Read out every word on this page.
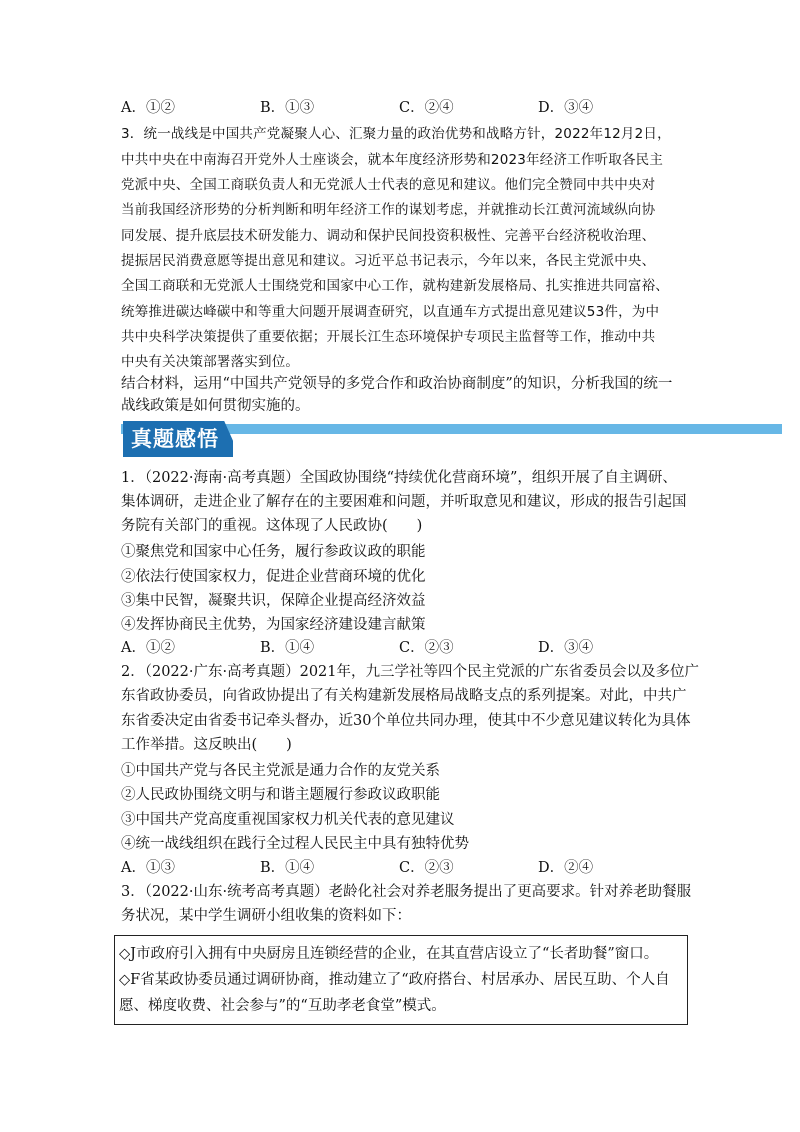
A．①②	B．①③	C．②④	D．③④
3．统一战线是中国共产党凝聚人心、汇聚力量的政治优势和战略方针，2022年12月2日，
中共中央在中南海召开党外人士座谈会，就本年度经济形势和2023年经济工作听取各民主
党派中央、全国工商联负责人和无党派人士代表的意见和建议。他们完全赞同中共中央对
当前我国经济形势的分析判断和明年经济工作的谋划考虑，并就推动长江黄河流域纵向协
同发展、提升底层技术研发能力、调动和保护民间投资积极性、完善平台经济税收治理、
提振居民消费意愿等提出意见和建议。习近平总书记表示，今年以来，各民主党派中央、
全国工商联和无党派人士围绕党和国家中心工作，就构建新发展格局、扎实推进共同富裕、
统筹推进碳达峰碳中和等重大问题开展调查研究，以直通车方式提出意见建议53件，为中
共中央科学决策提供了重要依据；开展长江生态环境保护专项民主监督等工作，推动中共
中央有关决策部署落实到位。
结合材料，运用“中国共产党领导的多党合作和政治协商制度”的知识，分析我国的统一
战线政策是如何贯彻实施的。
真题感悟
1．（2022·海南·高考真题）全国政协围绕“持续优化营商环境”，组织开展了自主调研、
集体调研，走进企业了解存在的主要困难和问题，并听取意见和建议，形成的报告引起国
务院有关部门的重视。这体现了人民政协(　　)
①聚焦党和国家中心任务，履行参政议政的职能
②依法行使国家权力，促进企业营商环境的优化
③集中民智，凝聚共识，保障企业提高经济效益
④发挥协商民主优势，为国家经济建设建言献策
A．①②	B．①④	C．②③	D．③④
2．（2022·广东·高考真题）2021年，九三学社等四个民主党派的广东省委员会以及多位广
东省政协委员，向省政协提出了有关构建新发展格局战略支点的系列提案。对此，中共广
东省委决定由省委书记牵头督办，近30个单位共同办理，使其中不少意见建议转化为具体
工作举措。这反映出(　　)
①中国共产党与各民主党派是通力合作的友党关系
②人民政协围绕文明与和谐主题履行参政议政职能
③中国共产党高度重视国家权力机关代表的意见建议
④统一战线组织在践行全过程人民民主中具有独特优势
A．①③	B．①④	C．②③	D．②④
3．（2022·山东·统考高考真题）老龄化社会对养老服务提出了更高要求。针对养老助餐服
务状况，某中学生调研小组收集的资料如下：
◇J市政府引入拥有中央厨房且连锁经营的企业，在其直营店设立了“长者助餐”窗口。
◇F省某政协委员通过调研协商，推动建立了“政府搭台、村居承办、居民互助、个人自
愿、梯度收费、社会参与”的“互助孝老食堂”模式。
